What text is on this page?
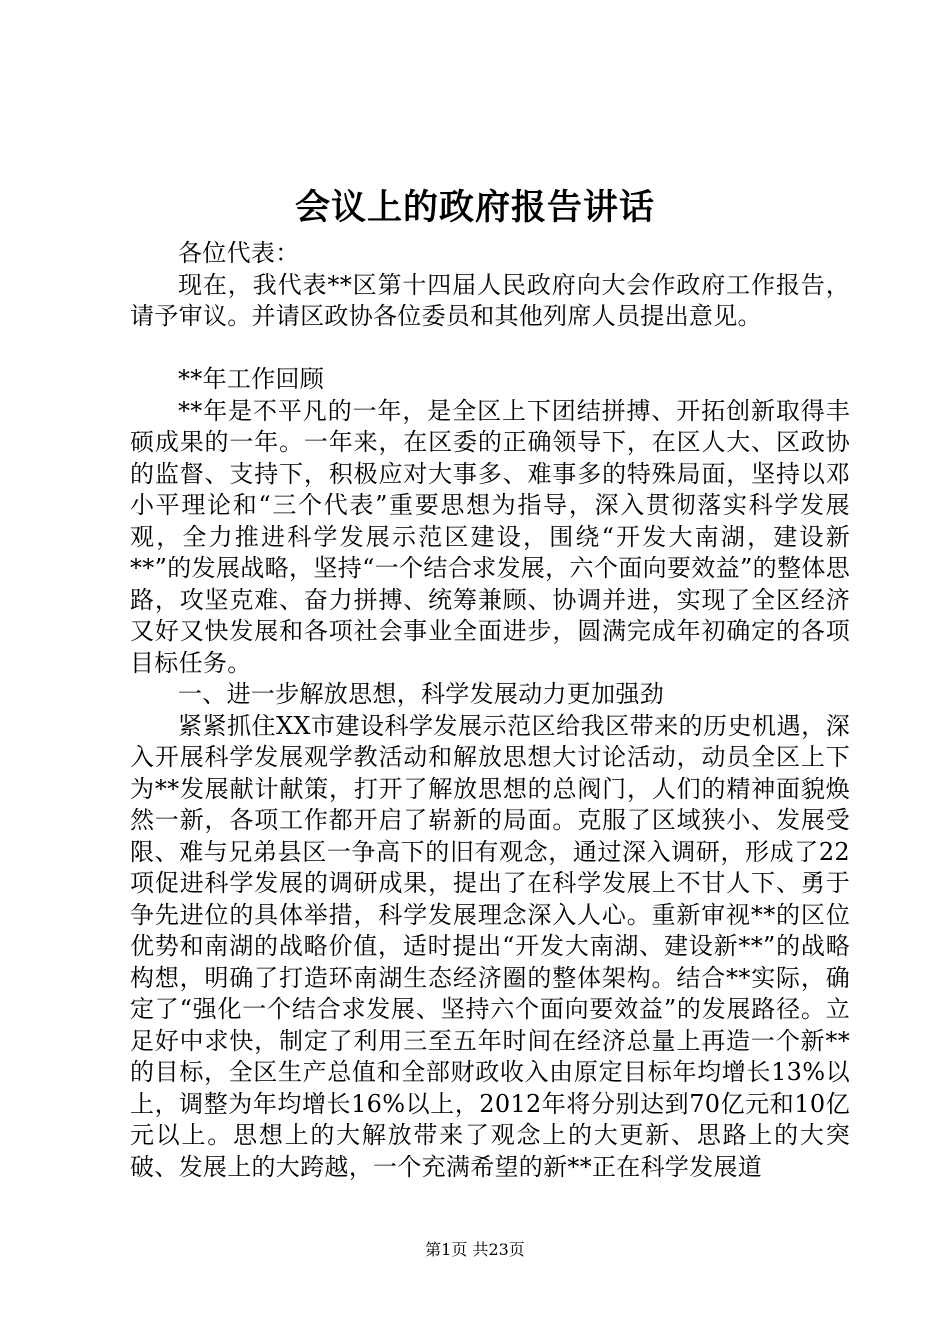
会议上的政府报告讲话

各位代表：

现在，我代表**区第十四届人民政府向大会作政府工作报告，请予审议。并请区政协各位委员和其他列席人员提出意见。

**年工作回顾

**年是不平凡的一年，是全区上下团结拼搏、开拓创新取得丰硕成果的一年。一年来，在区委的正确领导下，在区人大、区政协的监督、支持下，积极应对大事多、难事多的特殊局面，坚持以邓小平理论和“三个代表”重要思想为指导，深入贯彻落实科学发展观，全力推进科学发展示范区建设，围绕“开发大南湖，建设新**”的发展战略，坚持“一个结合求发展，六个面向要效益”的整体思路，攻坚克难、奋力拼搏、统筹兼顾、协调并进，实现了全区经济又好又快发展和各项社会事业全面进步，圆满完成年初确定的各项目标任务。

一、进一步解放思想，科学发展动力更加强劲

紧紧抓住XX市建设科学发展示范区给我区带来的历史机遇，深入开展科学发展观学教活动和解放思想大讨论活动，动员全区上下为**发展献计献策，打开了解放思想的总阀门，人们的精神面貌焕然一新，各项工作都开启了崭新的局面。克服了区域狭小、发展受限、难与兄弟县区一争高下的旧有观念，通过深入调研，形成了22项促进科学发展的调研成果，提出了在科学发展上不甘人下、勇于争先进位的具体举措，科学发展理念深入人心。重新审视**的区位优势和南湖的战略价值，适时提出“开发大南湖、建设新**”的战略构想，明确了打造环南湖生态经济圈的整体架构。结合**实际，确定了“强化一个结合求发展、坚持六个面向要效益”的发展路径。立足好中求快，制定了利用三至五年时间在经济总量上再造一个新**的目标，全区生产总值和全部财政收入由原定目标年均增长13%以上，调整为年均增长16%以上，2012年将分别达到70亿元和10亿元以上。思想上的大解放带来了观念上的大更新、思路上的大突破、发展上的大跨越，一个充满希望的新**正在科学发展道

第1页 共23页
